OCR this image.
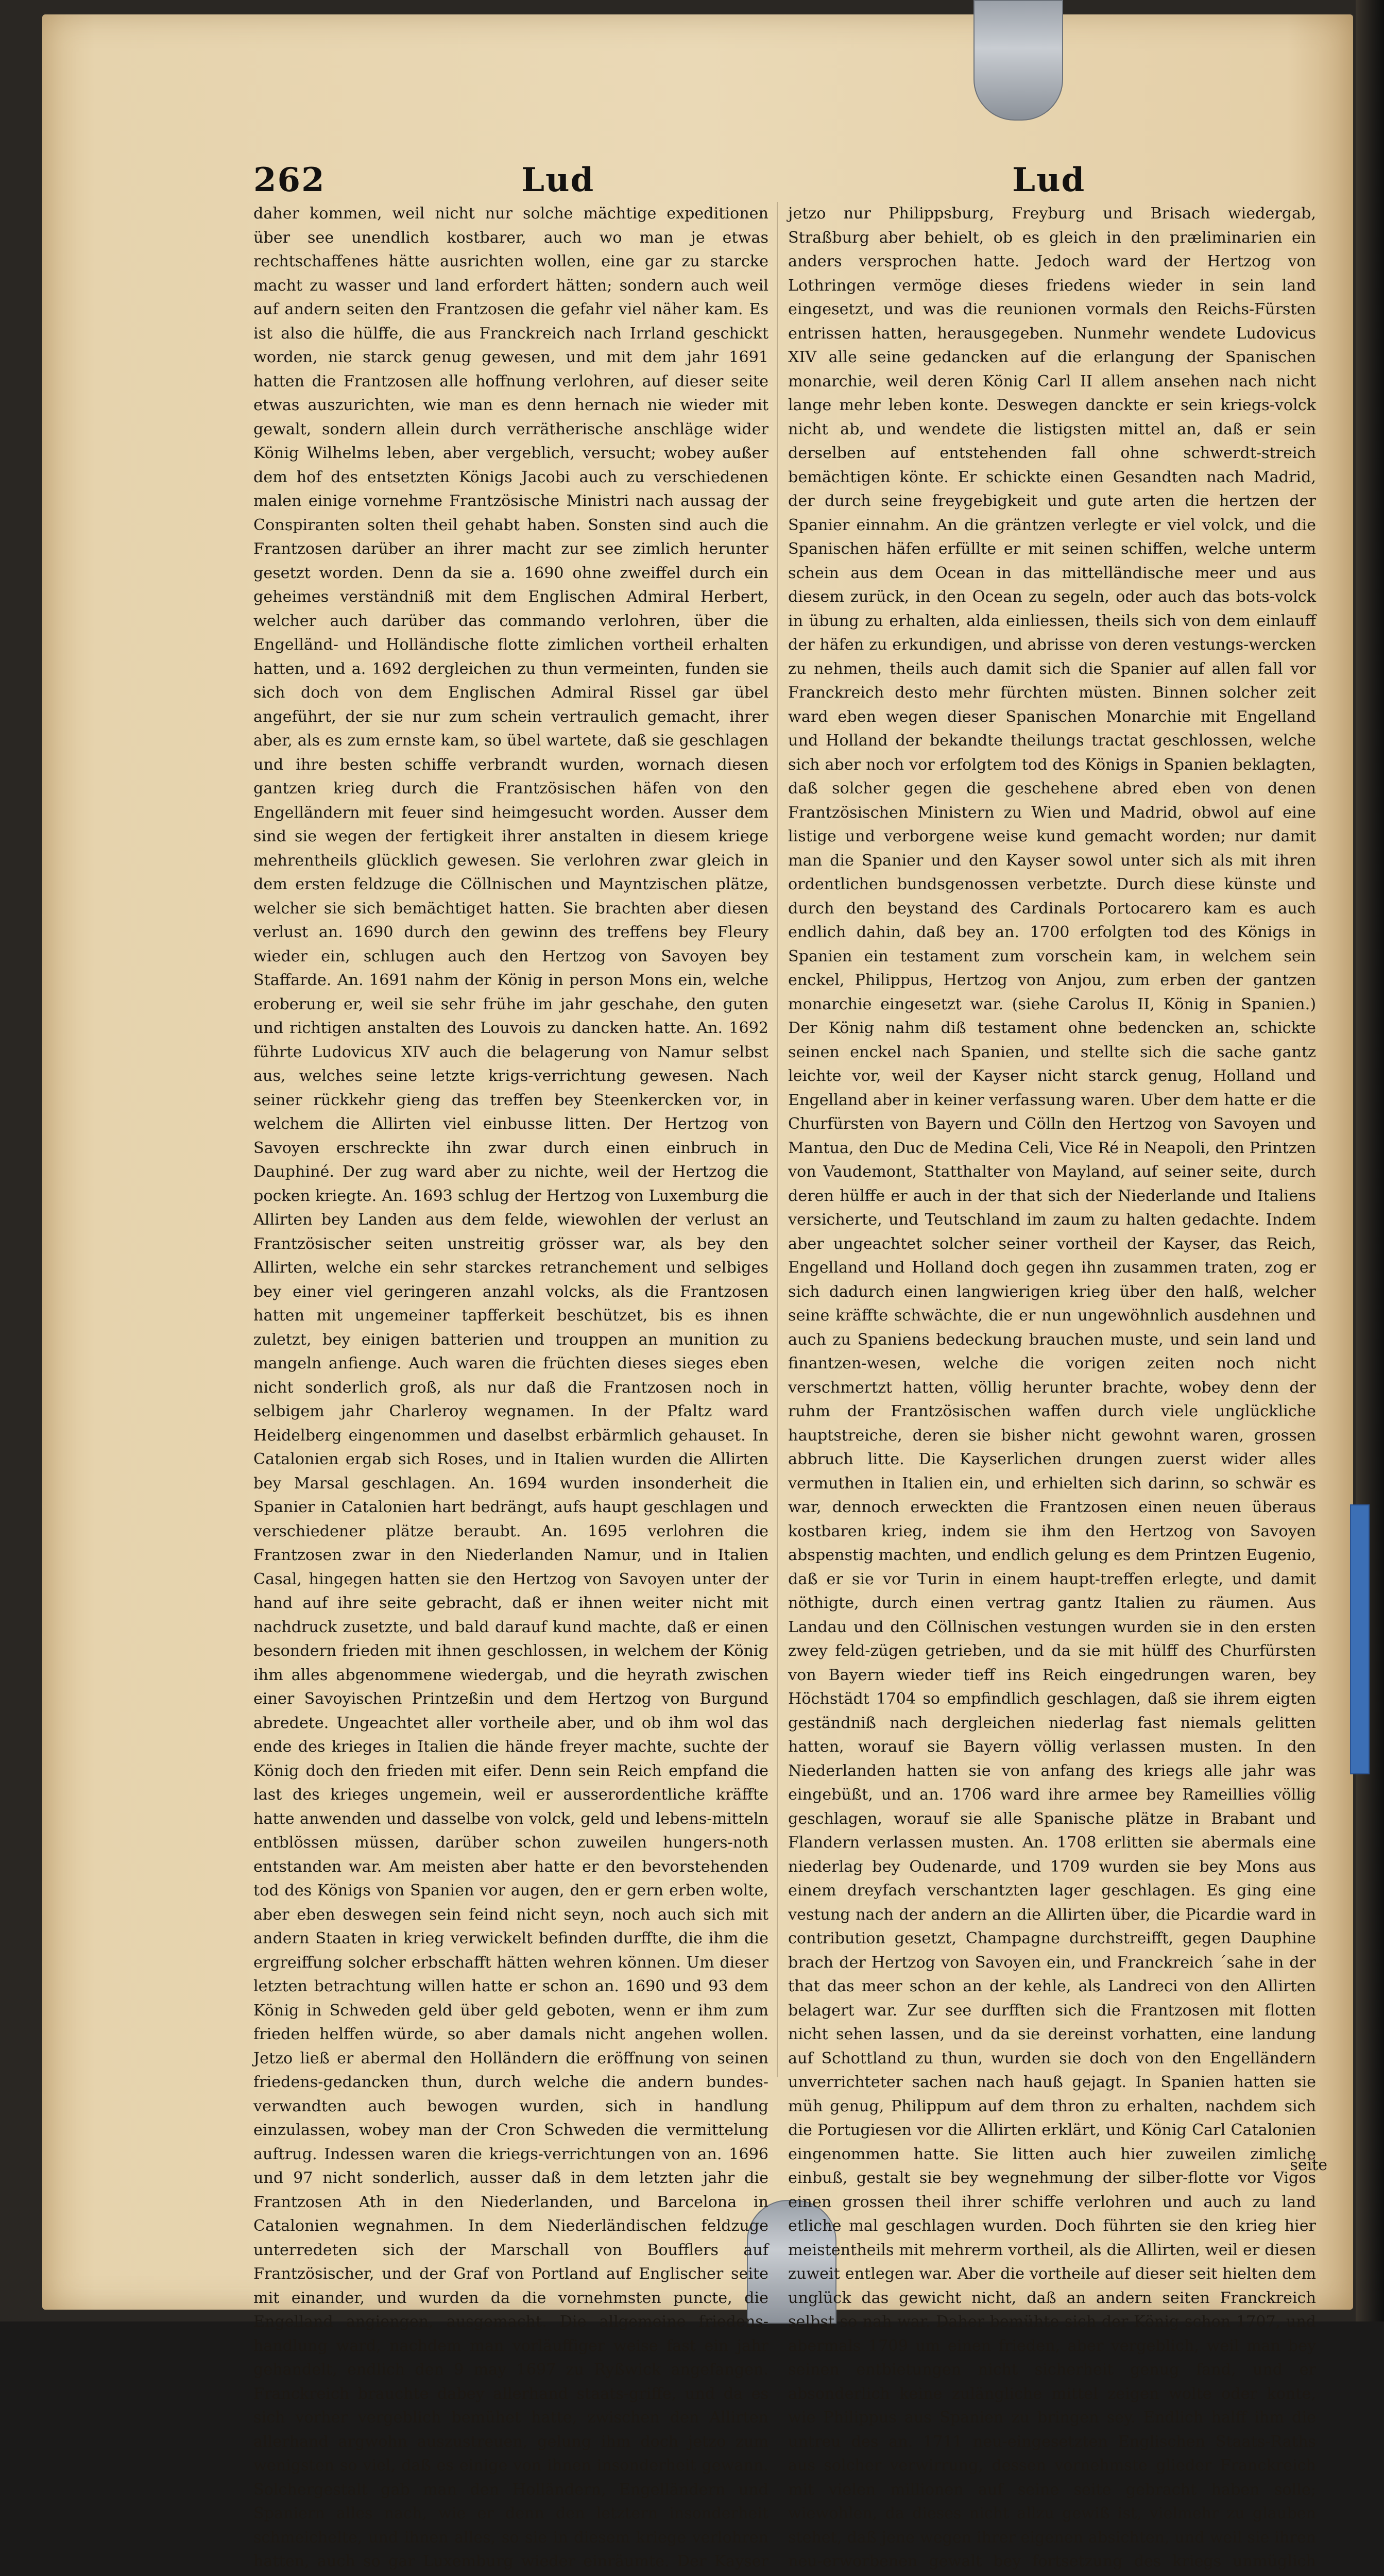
262	Lud	Lud

daher kommen, weil nicht nur solche mächtige expeditionen über see unendlich kostbarer, auch wo man je etwas rechtschaffenes hätte ausrichten wollen, eine gar zu starcke macht zu wasser und land erfordert hätten; sondern auch weil auf andern seiten den Frantzosen die gefahr viel näher kam. Es ist also die hülffe, die aus Franckreich nach Irrland geschickt worden, nie starck genug gewesen, und mit dem jahr 1691 hatten die Frantzosen alle hoffnung verlohren, auf dieser seite etwas auszurichten, wie man es denn hernach nie wieder mit gewalt, sondern allein durch verrätherische anschläge wider König Wilhelms leben, aber vergeblich, versucht; wobey außer dem hof des entsetzten Königs Jacobi auch zu verschiedenen malen einige vornehme Frantzösische Ministri nach aussag der Conspiranten solten theil gehabt haben. Sonsten sind auch die Frantzosen darüber an ihrer macht zur see zimlich herunter gesetzt worden. Denn da sie a. 1690 ohne zweiffel durch ein geheimes verständniß mit dem Englischen Admiral Herbert, welcher auch darüber das commando verlohren, über die Engelländ- und Holländische flotte zimlichen vortheil erhalten hatten, und a. 1692 dergleichen zu thun vermeinten, funden sie sich doch von dem Englischen Admiral Rissel gar übel angeführt, der sie nur zum schein vertraulich gemacht, ihrer aber, als es zum ernste kam, so übel wartete, daß sie geschlagen und ihre besten schiffe verbrandt wurden, wornach diesen gantzen krieg durch die Frantzösischen häfen von den Engelländern mit feuer sind heimgesucht worden. Ausser dem sind sie wegen der fertigkeit ihrer anstalten in diesem kriege mehrentheils glücklich gewesen. Sie verlohren zwar gleich in dem ersten feldzuge die Cöllnischen und Mayntzischen plätze, welcher sie sich bemächtiget hatten. Sie brachten aber diesen verlust an. 1690 durch den gewinn des treffens bey Fleury wieder ein, schlugen auch den Hertzog von Savoyen bey Staffarde. An. 1691 nahm der König in person Mons ein, welche eroberung er, weil sie sehr frühe im jahr geschahe, den guten und richtigen anstalten des Louvois zu dancken hatte. An. 1692 führte Ludovicus XIV auch die belagerung von Namur selbst aus, welches seine letzte krigs-verrichtung gewesen. Nach seiner rückkehr gieng das treffen bey Steenkercken vor, in welchem die Allirten viel einbusse litten. Der Hertzog von Savoyen erschreckte ihn zwar durch einen einbruch in Dauphiné. Der zug ward aber zu nichte, weil der Hertzog die pocken kriegte. An. 1693 schlug der Hertzog von Luxemburg die Allirten bey Landen aus dem felde, wiewohlen der verlust an Frantzösischer seiten unstreitig grösser war, als bey den Allirten, welche ein sehr starckes retranchement und selbiges bey einer viel geringeren anzahl volcks, als die Frantzosen hatten mit ungemeiner tapfferkeit beschützet, bis es ihnen zuletzt, bey einigen batterien und trouppen an munition zu mangeln anfienge. Auch waren die früchten dieses sieges eben nicht sonderlich groß, als nur daß die Frantzosen noch in selbigem jahr Charleroy wegnamen. In der Pfaltz ward Heidelberg eingenommen und daselbst erbärmlich gehauset. In Catalonien ergab sich Roses, und in Italien wurden die Allirten bey Marsal geschlagen. An. 1694 wurden insonderheit die Spanier in Catalonien hart bedrängt, aufs haupt geschlagen und verschiedener plätze beraubt. An. 1695 verlohren die Frantzosen zwar in den Niederlanden Namur, und in Italien Casal, hingegen hatten sie den Hertzog von Savoyen unter der hand auf ihre seite gebracht, daß er ihnen weiter nicht mit nachdruck zusetzte, und bald darauf kund machte, daß er einen besondern frieden mit ihnen geschlossen, in welchem der König ihm alles abgenommene wiedergab, und die heyrath zwischen einer Savoyischen Printzeßin und dem Hertzog von Burgund abredete. Ungeachtet aller vortheile aber, und ob ihm wol das ende des krieges in Italien die hände freyer machte, suchte der König doch den frieden mit eifer. Denn sein Reich empfand die last des krieges ungemein, weil er ausserordentliche kräffte hatte anwenden und dasselbe von volck, geld und lebens-mitteln entblössen müssen, darüber schon zuweilen hungers-noth entstanden war. Am meisten aber hatte er den bevorstehenden tod des Königs von Spanien vor augen, den er gern erben wolte, aber eben deswegen sein feind nicht seyn, noch auch sich mit andern Staaten in krieg verwickelt befinden durffte, die ihm die ergreiffung solcher erbschafft hätten wehren können. Um dieser letzten betrachtung willen hatte er schon an. 1690 und 93 dem König in Schweden geld über geld geboten, wenn er ihm zum frieden helffen würde, so aber damals nicht angehen wollen. Jetzo ließ er abermal den Holländern die eröffnung von seinen friedens-gedancken thun, durch welche die andern bundes-verwandten auch bewogen wurden, sich in handlung einzulassen, wobey man der Cron Schweden die vermittelung auftrug. Indessen waren die kriegs-verrichtungen von an. 1696 und 97 nicht sonderlich, ausser daß in dem letzten jahr die Frantzosen Ath in den Niederlanden, und Barcelona in Catalonien wegnahmen. In dem Niederländischen feldzuge unterredeten sich der Marschall von Boufflers auf Frantzösischer, und der Graf von Portland auf Englischer seite mit einander, und wurden da die vornehmsten puncte, die Engelland angiengen, ausgemacht. Die allgemeine friedens-handlung ward, nachdem man vorläuffiger weise fast ein jahr gehandelt, endlich den 9 may 1697 zu Ryßwick angefangen. Franckreich brauchte dabey allerhand staats-griffe, und da es sich vorher vergeblich bemühet hatte, zwischen den Allirten allerhand argwohn auszustreuen, gelung ihm doch jetzo zum wenigsten so viel, daß es einige von ihnen insonderheit gewann. Solchergestalt gab man den Holländern, Engelländern und Spaniern alles nach, wie er denn den letztern insonderheit schmeichelte, und ihnen alles, so sie in diesem kriege verlohren hatten, auch so gar Luxemburg wieder einräumte. Der Kayser

jetzo nur Philippsburg, Freyburg und Brisach wiedergab, Straßburg aber behielt, ob es gleich in den præliminarien ein anders versprochen hatte. Jedoch ward der Hertzog von Lothringen vermöge dieses friedens wieder in sein land eingesetzt, und was die reunionen vormals den Reichs-Fürsten entrissen hatten, herausgegeben. Nunmehr wendete Ludovicus XIV alle seine gedancken auf die erlangung der Spanischen monarchie, weil deren König Carl II allem ansehen nach nicht lange mehr leben konte. Deswegen danckte er sein kriegs-volck nicht ab, und wendete die listigsten mittel an, daß er sein derselben auf entstehenden fall ohne schwerdt-streich bemächtigen könte. Er schickte einen Gesandten nach Madrid, der durch seine freygebigkeit und gute arten die hertzen der Spanier einnahm. An die gräntzen verlegte er viel volck, und die Spanischen häfen erfüllte er mit seinen schiffen, welche unterm schein aus dem Ocean in das mittelländische meer und aus diesem zurück, in den Ocean zu segeln, oder auch das bots-volck in übung zu erhalten, alda einliessen, theils sich von dem einlauff der häfen zu erkundigen, und abrisse von deren vestungs-wercken zu nehmen, theils auch damit sich die Spanier auf allen fall vor Franckreich desto mehr fürchten müsten. Binnen solcher zeit ward eben wegen dieser Spanischen Monarchie mit Engelland und Holland der bekandte theilungs tractat geschlossen, welche sich aber noch vor erfolgtem tod des Königs in Spanien beklagten, daß solcher gegen die geschehene abred eben von denen Frantzösischen Ministern zu Wien und Madrid, obwol auf eine listige und verborgene weise kund gemacht worden; nur damit man die Spanier und den Kayser sowol unter sich als mit ihren ordentlichen bundsgenossen verbetzte. Durch diese künste und durch den beystand des Cardinals Portocarero kam es auch endlich dahin, daß bey an. 1700 erfolgten tod des Königs in Spanien ein testament zum vorschein kam, in welchem sein enckel, Philippus, Hertzog von Anjou, zum erben der gantzen monarchie eingesetzt war. (siehe Carolus II, König in Spanien.) Der König nahm diß testament ohne bedencken an, schickte seinen enckel nach Spanien, und stellte sich die sache gantz leichte vor, weil der Kayser nicht starck genug, Holland und Engelland aber in keiner verfassung waren. Uber dem hatte er die Churfürsten von Bayern und Cölln den Hertzog von Savoyen und Mantua, den Duc de Medina Celi, Vice Ré in Neapoli, den Printzen von Vaudemont, Statthalter von Mayland, auf seiner seite, durch deren hülffe er auch in der that sich der Niederlande und Italiens versicherte, und Teutschland im zaum zu halten gedachte. Indem aber ungeachtet solcher seiner vortheil der Kayser, das Reich, Engelland und Holland doch gegen ihn zusammen traten, zog er sich dadurch einen langwierigen krieg über den halß, welcher seine kräffte schwächte, die er nun ungewöhnlich ausdehnen und auch zu Spaniens bedeckung brauchen muste, und sein land und finantzen-wesen, welche die vorigen zeiten noch nicht verschmertzt hatten, völlig herunter brachte, wobey denn der ruhm der Frantzösischen waffen durch viele unglückliche hauptstreiche, deren sie bisher nicht gewohnt waren, grossen abbruch litte. Die Kayserlichen drungen zuerst wider alles vermuthen in Italien ein, und erhielten sich darinn, so schwär es war, dennoch erweckten die Frantzosen einen neuen überaus kostbaren krieg, indem sie ihm den Hertzog von Savoyen abspenstig machten, und endlich gelung es dem Printzen Eugenio, daß er sie vor Turin in einem haupt-treffen erlegte, und damit nöthigte, durch einen vertrag gantz Italien zu räumen. Aus Landau und den Cöllnischen vestungen wurden sie in den ersten zwey feld-zügen getrieben, und da sie mit hülff des Churfürsten von Bayern wieder tieff ins Reich eingedrungen waren, bey Höchstädt 1704 so empfindlich geschlagen, daß sie ihrem eigten geständniß nach dergleichen niederlag fast niemals gelitten hatten, worauf sie Bayern völlig verlassen musten. In den Niederlanden hatten sie von anfang des kriegs alle jahr was eingebüßt, und an. 1706 ward ihre armee bey Rameillies völlig geschlagen, worauf sie alle Spanische plätze in Brabant und Flandern verlassen musten. An. 1708 erlitten sie abermals eine niederlag bey Oudenarde, und 1709 wurden sie bey Mons aus einem dreyfach verschantzten lager geschlagen. Es ging eine vestung nach der andern an die Allirten über, die Picardie ward in contribution gesetzt, Champagne durchstreifft, gegen Dauphine brach der Hertzog von Savoyen ein, und Franckreich ´sahe in der that das meer schon an der kehle, als Landreci von den Allirten belagert war. Zur see durfften sich die Frantzosen mit flotten nicht sehen lassen, und da sie dereinst vorhatten, eine landung auf Schottland zu thun, wurden sie doch von den Engelländern unverrichteter sachen nach hauß gejagt. In Spanien hatten sie müh genug, Philippum auf dem thron zu erhalten, nachdem sich die Portugiesen vor die Allirten erklärt, und König Carl Catalonien eingenommen hatte. Sie litten auch hier zuweilen zimliche einbuß, gestalt sie bey wegnehmung der silber-flotte vor Vigos einen grossen theil ihrer schiffe verlohren und auch zu land etliche mal geschlagen wurden. Doch führten sie den krieg hier meistentheils mit mehrerm vortheil, als die Allirten, weil er diesen zuweit entlegen war. Aber die vortheile auf dieser seit hielten dem unglück das gewicht nicht, daß an andern seiten Franckreich selbst so nah war. Daher bemühte sich der König schon 1707, und abermals 1709 um einen frieden, aber vergeblich, weil man bey seinen entbietungen nicht sicherheit genug fand, und er absonderlich keine zulängliche mittel zeigen wolte oder konte, wie Philippus aus Spanien zu bringen sey. Endlich halff ihm die untreu des an. 1711 neu-eingesetzten Englischen Staats-Raths aus solcher verwirrung, dessen vornehmste glieder Franckreich mit vielen millionen auf seine seite gebracht haben solle; wiewohlen, da dieses nicht allzu gewiß ist, vielmehr zu glauben stehet, daß jene wegen ihrer eigenen absichten, und weil sie ihren neu-erworbenen gewalt bey fortsetzung des kriegs unmüglich

seite
